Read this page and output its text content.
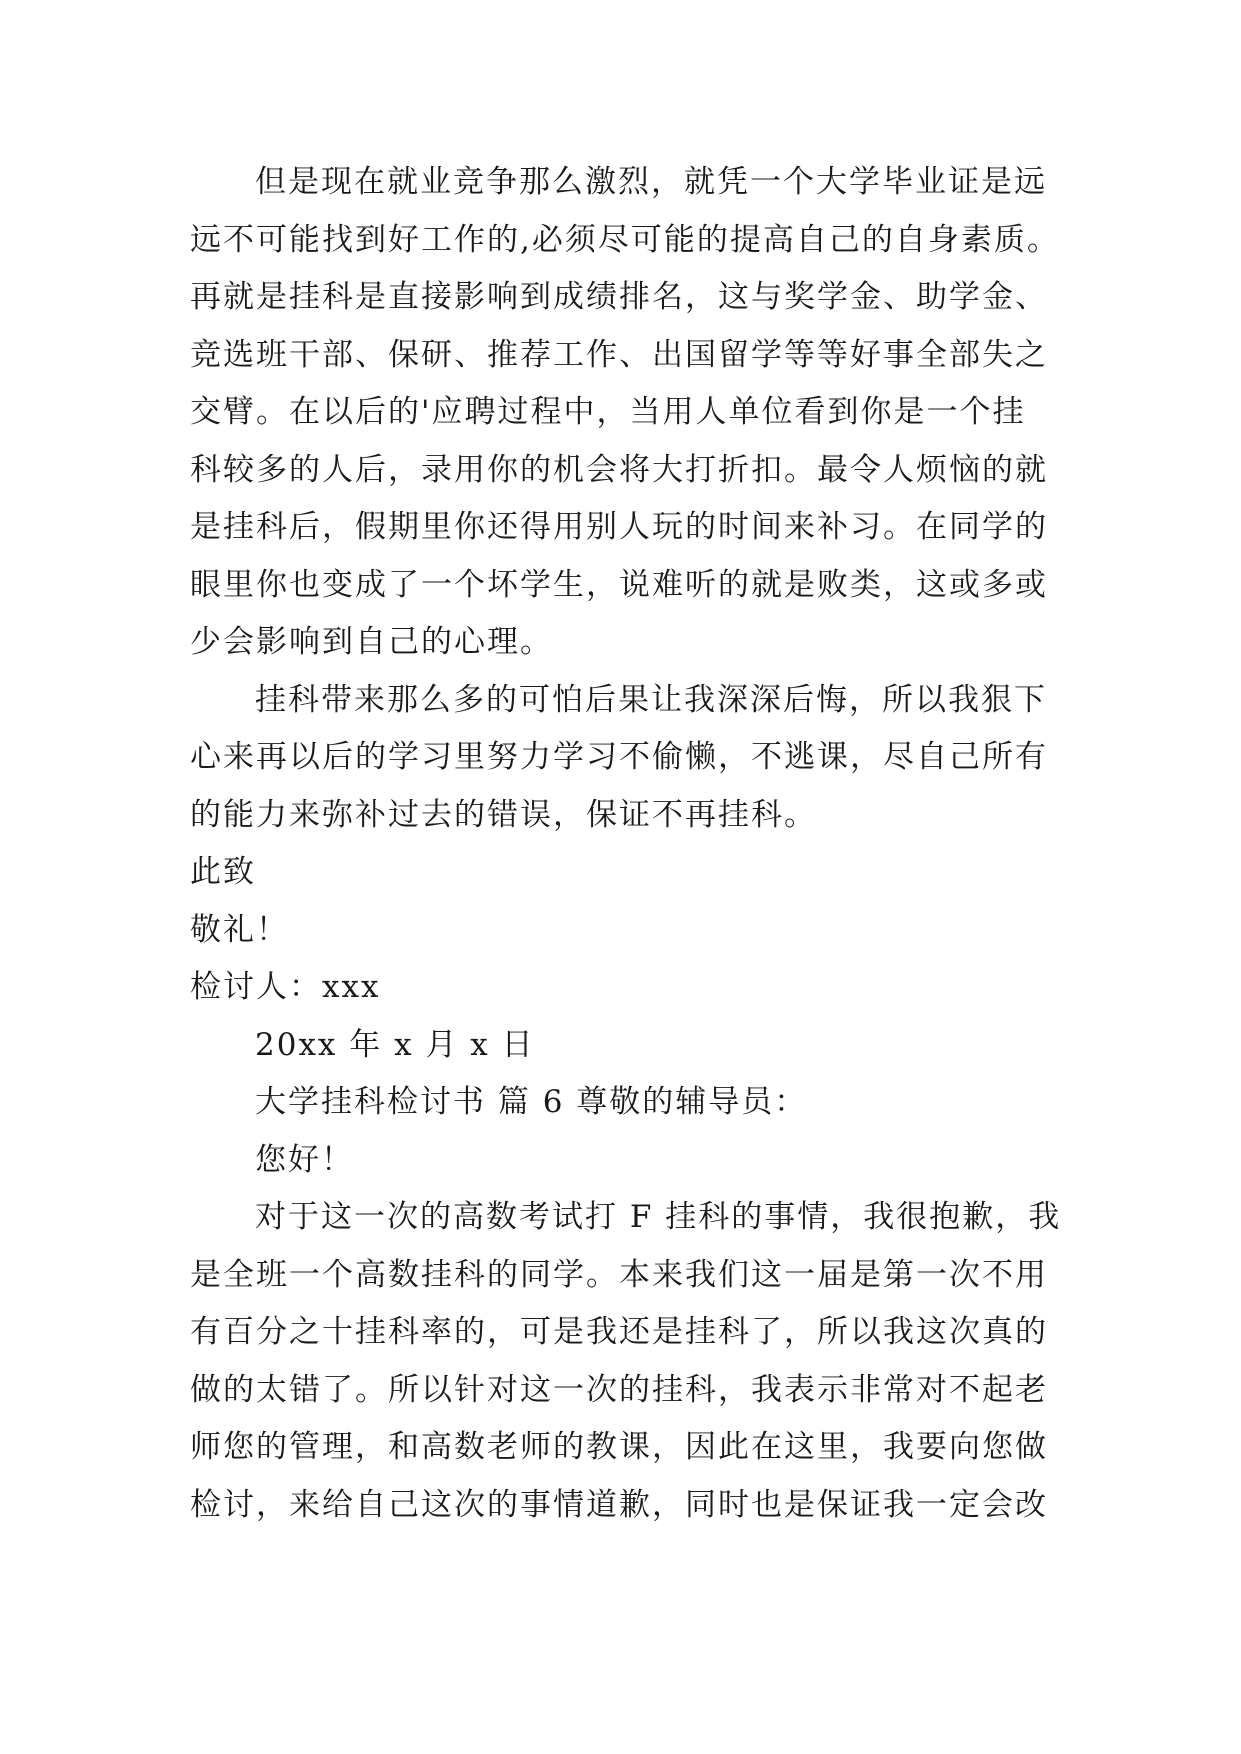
但是现在就业竞争那么激烈，就凭一个大学毕业证是远
远不可能找到好工作的,必须尽可能的提高自己的自身素质。
再就是挂科是直接影响到成绩排名，这与奖学金、助学金、
竞选班干部、保研、推荐工作、出国留学等等好事全部失之
交臂。在以后的'应聘过程中，当用人单位看到你是一个挂
科较多的人后，录用你的机会将大打折扣。最令人烦恼的就
是挂科后，假期里你还得用别人玩的时间来补习。在同学的
眼里你也变成了一个坏学生，说难听的就是败类，这或多或
少会影响到自己的心理。
挂科带来那么多的可怕后果让我深深后悔，所以我狠下
心来再以后的学习里努力学习不偷懒，不逃课，尽自己所有
的能力来弥补过去的错误，保证不再挂科。
此致
敬礼！
检讨人：xxx
20xx 年 x 月 x 日
大学挂科检讨书 篇 6 尊敬的辅导员：
您好！
对于这一次的高数考试打 F 挂科的事情，我很抱歉，我
是全班一个高数挂科的同学。本来我们这一届是第一次不用
有百分之十挂科率的，可是我还是挂科了，所以我这次真的
做的太错了。所以针对这一次的挂科，我表示非常对不起老
师您的管理，和高数老师的教课，因此在这里，我要向您做
检讨，来给自己这次的事情道歉，同时也是保证我一定会改
